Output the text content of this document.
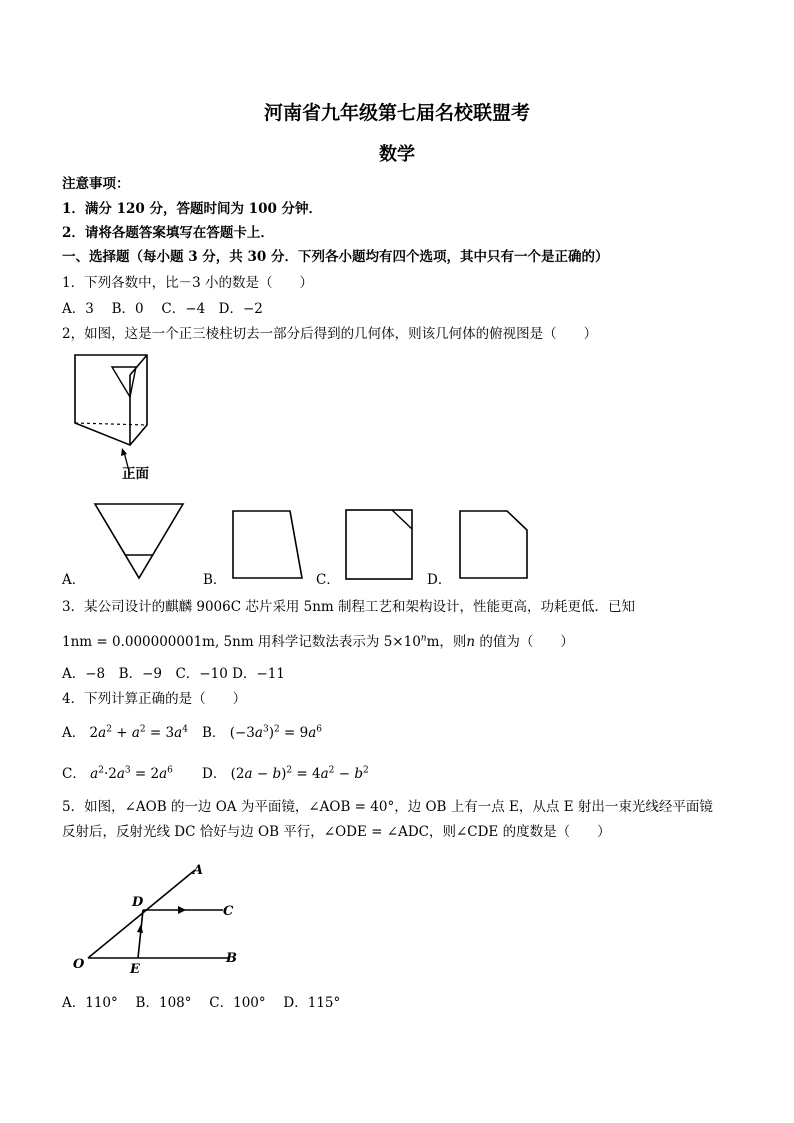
河南省九年级第七届名校联盟考
数学
注意事项：
1．满分 120 分，答题时间为 100 分钟．
2．请将各题答案填写在答题卡上．
一、选择题（每小题 3 分，共 30 分．下列各小题均有四个选项，其中只有一个是正确的）
1．下列各数中，比－3 小的数是（　　）
A．3　 B．0　 C．−4　D．−2
2，如图，这是一个正三棱柱切去一部分后得到的几何体，则该几何体的俯视图是（　　）
正面
A．	B．	C．	D．
3．某公司设计的麒麟 9006C 芯片采用 5nm 制程工艺和架构设计，性能更高，功耗更低．已知
1nm = 0.000000001m, 5nm 用科学记数法表示为 $5\times 10^nm$，则n 的值为（　　）
A．−8　B．−9　C．−10 D．−11
4．下列计算正确的是（　　）
A． $2a^2 + a^2 = 3a^4$ B． $(-3a^3)^2 = 9a^6$
C． $a^2\cdot 2a^3 = 2a^6$ D． $(2a - b)^2 = 4a^2 - b^2$
5．如图，∠AOB 的一边 OA 为平面镜，∠AOB = 40°，边 OB 上有一点 E，从点 E 射出一束光线经平面镜
反射后，反射光线 DC 恰好与边 OB 平行，∠ODE = ∠ADC，则∠CDE 的度数是（　　）
A
D
C
O	E
B
A．110°　 B．108°　 C．100°　 D．115°
